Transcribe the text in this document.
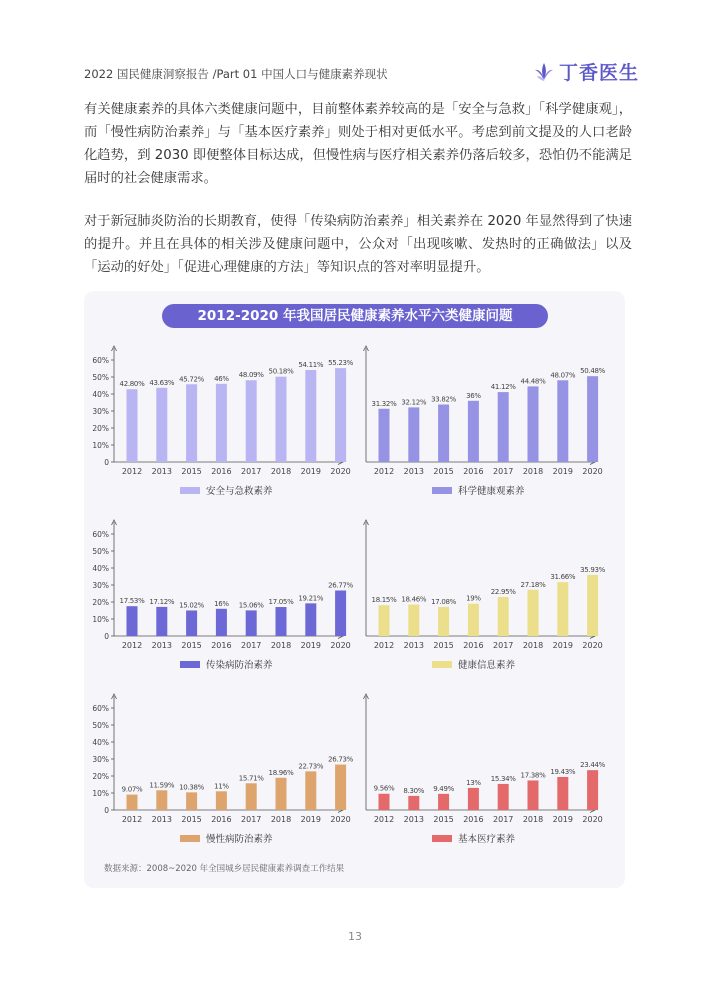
2022 国民健康洞察报告 /Part 01 中国人口与健康素养现状	丁香医生
有关健康素养的具体六类健康问题中，目前整体素养较高的是「安全与急救」「科学健康观」，而「慢性病防治素养」与「基本医疗素养」则处于相对更低水平。考虑到前文提及的人口老龄化趋势，到 2030 即便整体目标达成，但慢性病与医疗相关素养仍落后较多，恐怕仍不能满足届时的社会健康需求。
对于新冠肺炎防治的长期教育，使得「传染病防治素养」相关素养在 2020 年显然得到了快速的提升。并且在具体的相关涉及健康问题中，公众对「出现咳嗽、发热时的正确做法」以及「运动的好处」「促进心理健康的方法」等知识点的答对率明显提升。
2012-2020 年我国居民健康素养水平六类健康问题
0
10%
20%
30%
40%
50%
60%
42.80%
2012
43.63%
2013
45.72%
2015
46%
2016
48.09%
2017
50.18%
2018
54.11%
2019
55.23%
2020
安全与急救素养
31.32%
2012
32.12%
2013
33.82%
2015
36%
2016
41.12%
2017
44.48%
2018
48.07%
2019
50.48%
2020
科学健康观素养
0
10%
20%
30%
40%
50%
60%
17.53%
2012
17.12%
2013
15.02%
2015
16%
2016
15.06%
2017
17.05%
2018
19.21%
2019
26.77%
2020
传染病防治素养
18.15%
2012
18.46%
2013
17.08%
2015
19%
2016
22.95%
2017
27.18%
2018
31.66%
2019
35.93%
2020
健康信息素养
0
10%
20%
30%
40%
50%
60%
9.07%
2012
11.59%
2013
10.38%
2015
11%
2016
15.71%
2017
18.96%
2018
22.73%
2019
26.73%
2020
慢性病防治素养
9.56%
2012
8.30%
2013
9.49%
2015
13%
2016
15.34%
2017
17.38%
2018
19.43%
2019
23.44%
2020
基本医疗素养
数据来源：2008~2020 年全国城乡居民健康素养调查工作结果
13
